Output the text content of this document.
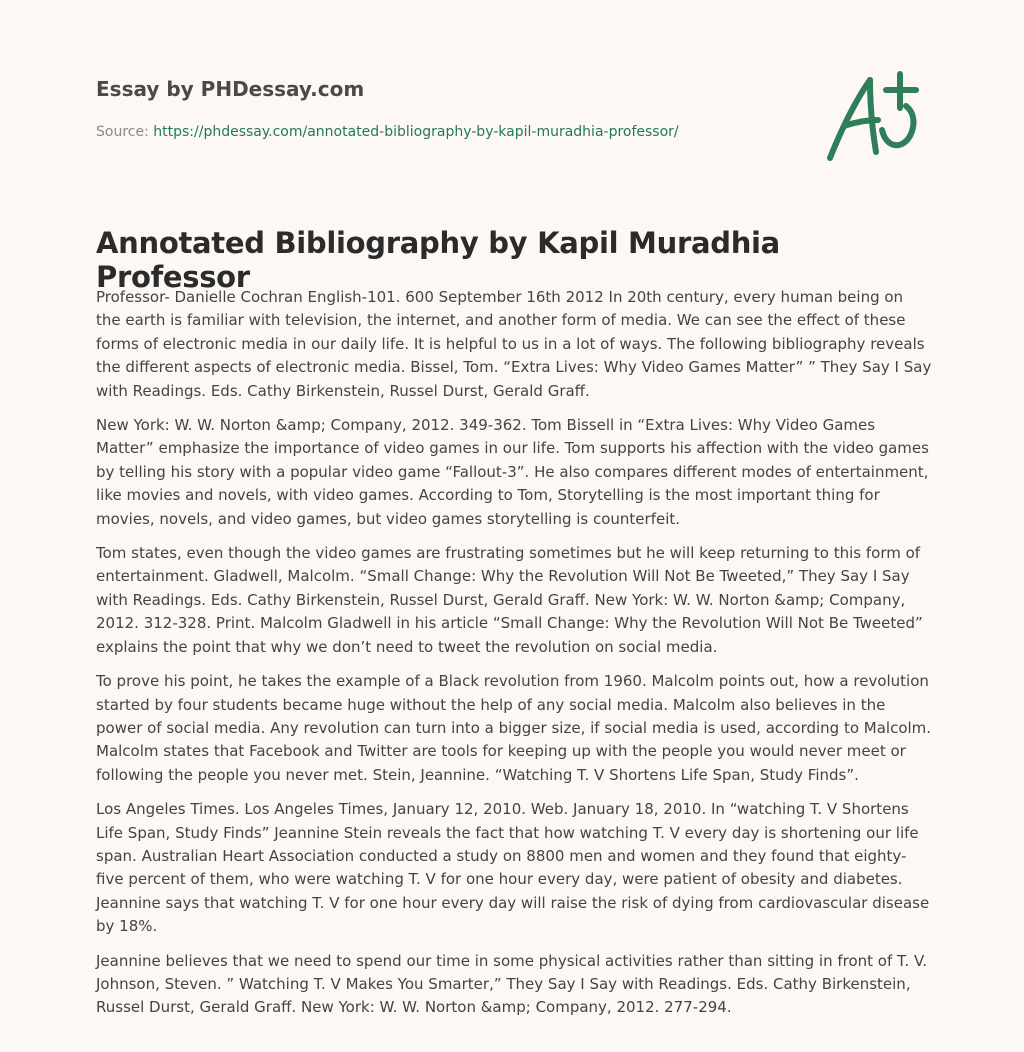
Essay by PHDessay.com

Source: https://phdessay.com/annotated-bibliography-by-kapil-muradhia-professor/

Annotated Bibliography by Kapil Muradhia Professor

Professor- Danielle Cochran English-101. 600 September 16th 2012 In 20th century, every human being on the earth is familiar with television, the internet, and another form of media. We can see the effect of these forms of electronic media in our daily life. It is helpful to us in a lot of ways. The following bibliography reveals the different aspects of electronic media. Bissel, Tom. “Extra Lives: Why Video Games Matter” ” They Say I Say with Readings. Eds. Cathy Birkenstein, Russel Durst, Gerald Graff.

New York: W. W. Norton &amp; Company, 2012. 349-362. Tom Bissell in “Extra Lives: Why Video Games Matter” emphasize the importance of video games in our life. Tom supports his affection with the video games by telling his story with a popular video game “Fallout-3”. He also compares different modes of entertainment, like movies and novels, with video games. According to Tom, Storytelling is the most important thing for movies, novels, and video games, but video games storytelling is counterfeit.

Tom states, even though the video games are frustrating sometimes but he will keep returning to this form of entertainment. Gladwell, Malcolm. “Small Change: Why the Revolution Will Not Be Tweeted,” They Say I Say with Readings. Eds. Cathy Birkenstein, Russel Durst, Gerald Graff. New York: W. W. Norton &amp; Company, 2012. 312-328. Print. Malcolm Gladwell in his article “Small Change: Why the Revolution Will Not Be Tweeted” explains the point that why we don’t need to tweet the revolution on social media.

To prove his point, he takes the example of a Black revolution from 1960. Malcolm points out, how a revolution started by four students became huge without the help of any social media. Malcolm also believes in the power of social media. Any revolution can turn into a bigger size, if social media is used, according to Malcolm. Malcolm states that Facebook and Twitter are tools for keeping up with the people you would never meet or following the people you never met. Stein, Jeannine. “Watching T. V Shortens Life Span, Study Finds”.

Los Angeles Times. Los Angeles Times, January 12, 2010. Web. January 18, 2010. In “watching T. V Shortens Life Span, Study Finds” Jeannine Stein reveals the fact that how watching T. V every day is shortening our life span. Australian Heart Association conducted a study on 8800 men and women and they found that eighty-five percent of them, who were watching T. V for one hour every day, were patient of obesity and diabetes. Jeannine says that watching T. V for one hour every day will raise the risk of dying from cardiovascular disease by 18%.

Jeannine believes that we need to spend our time in some physical activities rather than sitting in front of T. V. Johnson, Steven. ” Watching T. V Makes You Smarter,” They Say I Say with Readings. Eds. Cathy Birkenstein, Russel Durst, Gerald Graff. New York: W. W. Norton &amp; Company, 2012. 277-294.
